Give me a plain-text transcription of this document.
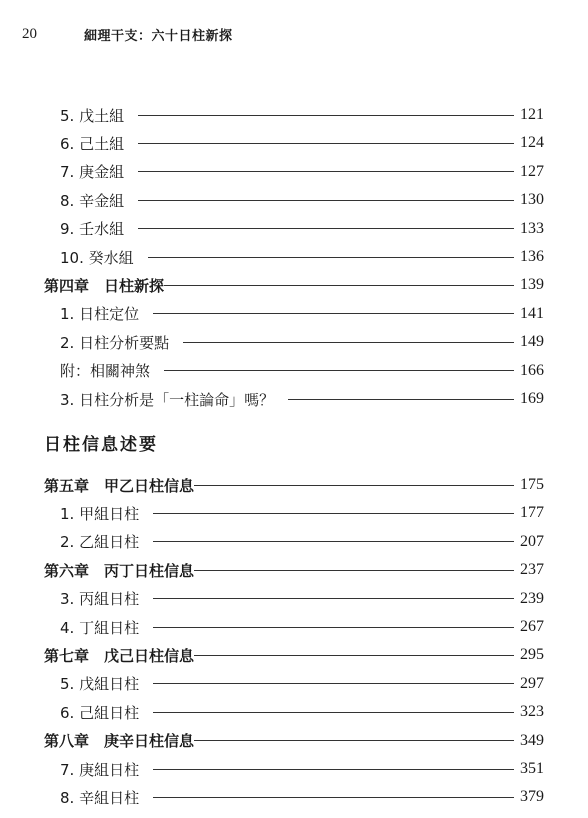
20	細理干支：六十日柱新探
5. 戊土組	121
6. 己土組	124
7. 庚金組	127
8. 辛金組	130
9. 壬水組	133
10. 癸水組	136
第四章　日柱新探	139
1. 日柱定位	141
2. 日柱分析要點	149
附：相關神煞	166
3. 日柱分析是「一柱論命」嗎？	169
日柱信息述要
第五章　甲乙日柱信息	175
1. 甲組日柱	177
2. 乙組日柱	207
第六章　丙丁日柱信息	237
3. 丙組日柱	239
4. 丁組日柱	267
第七章　戊己日柱信息	295
5. 戊組日柱	297
6. 己組日柱	323
第八章　庚辛日柱信息	349
7. 庚組日柱	351
8. 辛組日柱	379
